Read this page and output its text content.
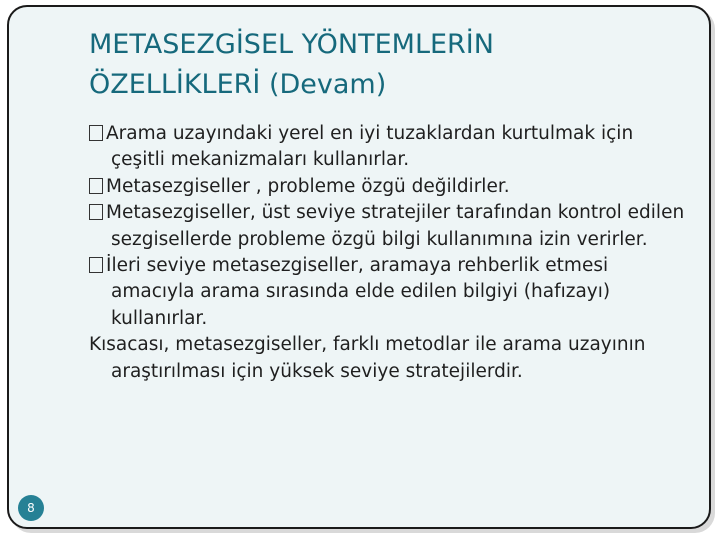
METASEZGİSEL YÖNTEMLERİN
ÖZELLİKLERİ (Devam)

Arama uzayındaki yerel en iyi tuzaklardan kurtulmak için çeşitli mekanizmaları kullanırlar.

Metasezgiseller , probleme özgü değildirler.

Metasezgiseller, üst seviye stratejiler tarafından kontrol edilen sezgisellerde probleme özgü bilgi kullanımına izin verirler.

İleri seviye metasezgiseller, aramaya rehberlik etmesi amacıyla arama sırasında elde edilen bilgiyi (hafızayı) kullanırlar.

Kısacası, metasezgiseller, farklı metodlar ile arama uzayının araştırılması için yüksek seviye stratejilerdir.

8
